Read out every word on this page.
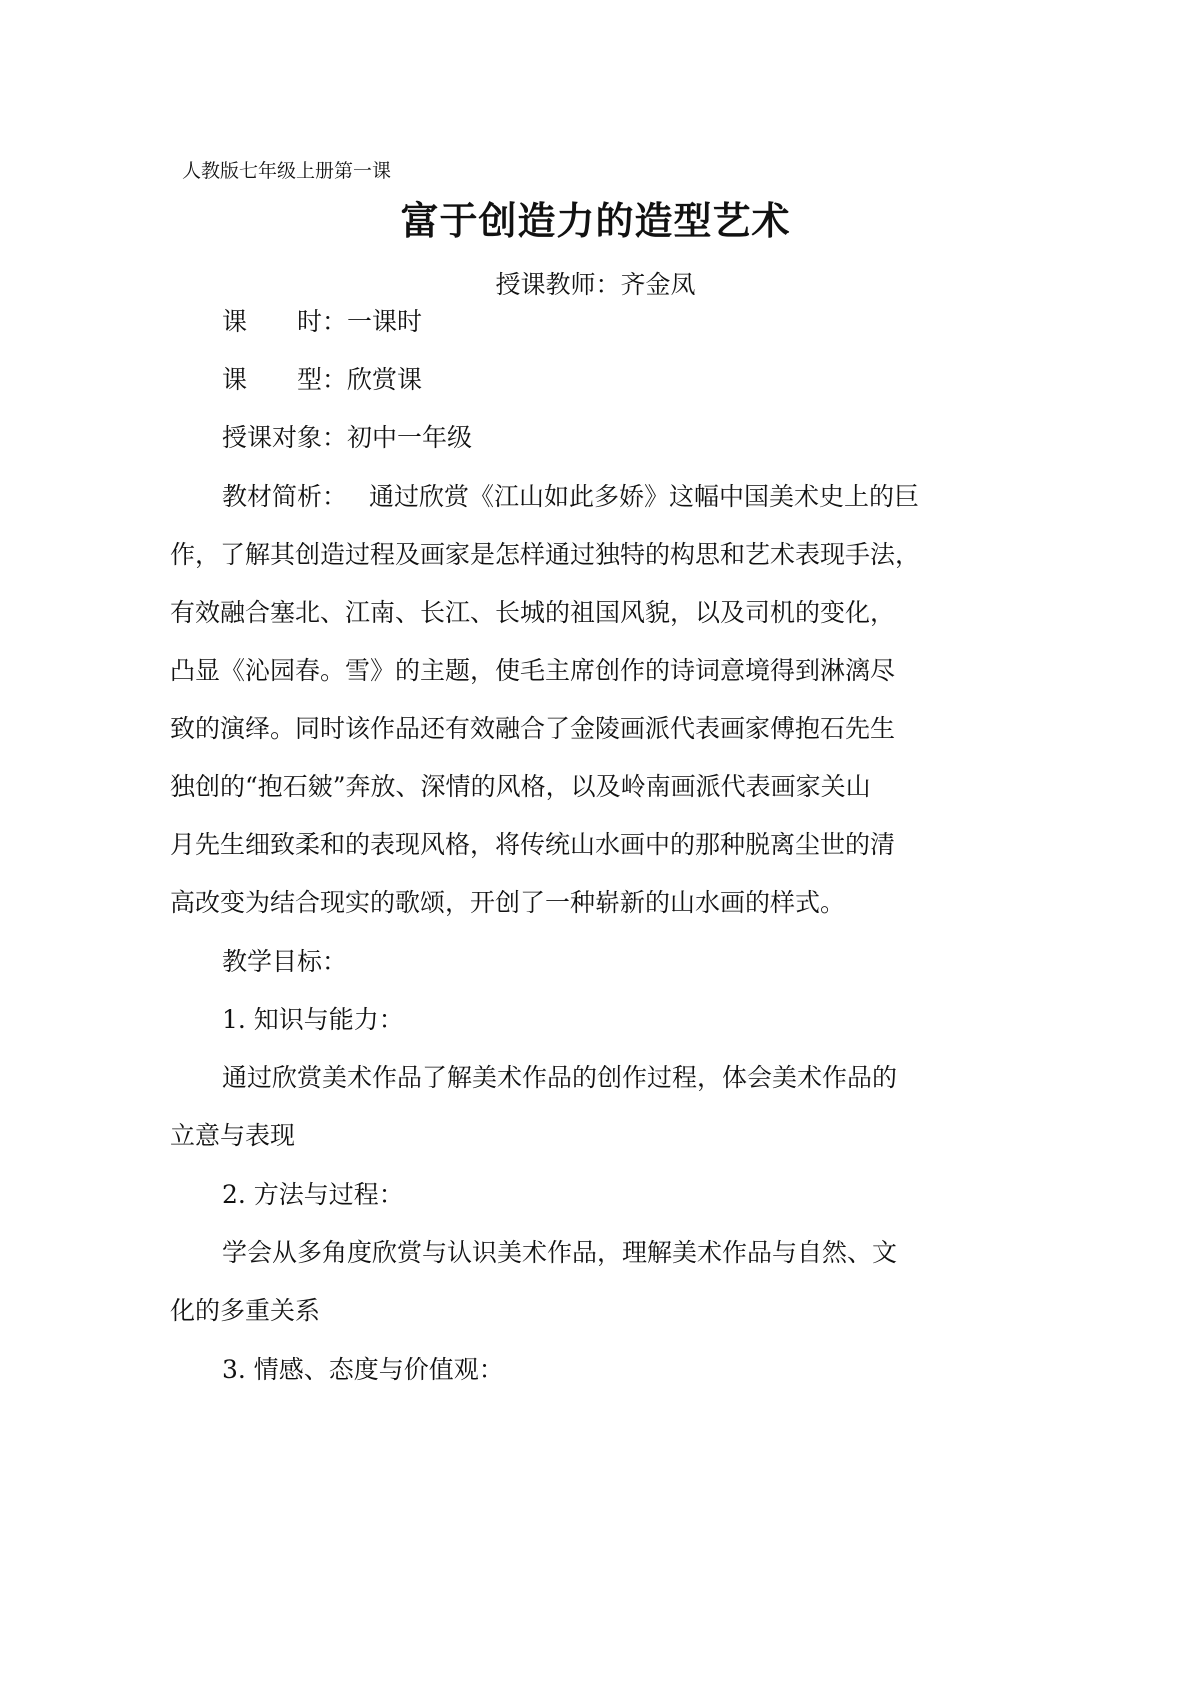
人教版七年级上册第一课
富于创造力的造型艺术
授课教师：齐金凤
课 时：一课时
课 型：欣赏课
授课对象：初中一年级
教材简析： 通过欣赏《江山如此多娇》这幅中国美术史上的巨
作，了解其创造过程及画家是怎样通过独特的构思和艺术表现手法，
有效融合塞北、江南、长江、长城的祖国风貌，以及司机的变化，
凸显《沁园春。雪》的主题，使毛主席创作的诗词意境得到淋漓尽
致的演绎。同时该作品还有效融合了金陵画派代表画家傅抱石先生
独创的“抱石皴”奔放、深情的风格，以及岭南画派代表画家关山
月先生细致柔和的表现风格，将传统山水画中的那种脱离尘世的清
高改变为结合现实的歌颂，开创了一种崭新的山水画的样式。
教学目标：
1. 知识与能力：
通过欣赏美术作品了解美术作品的创作过程，体会美术作品的
立意与表现
2. 方法与过程：
学会从多角度欣赏与认识美术作品，理解美术作品与自然、文
化的多重关系
3. 情感、态度与价值观：
